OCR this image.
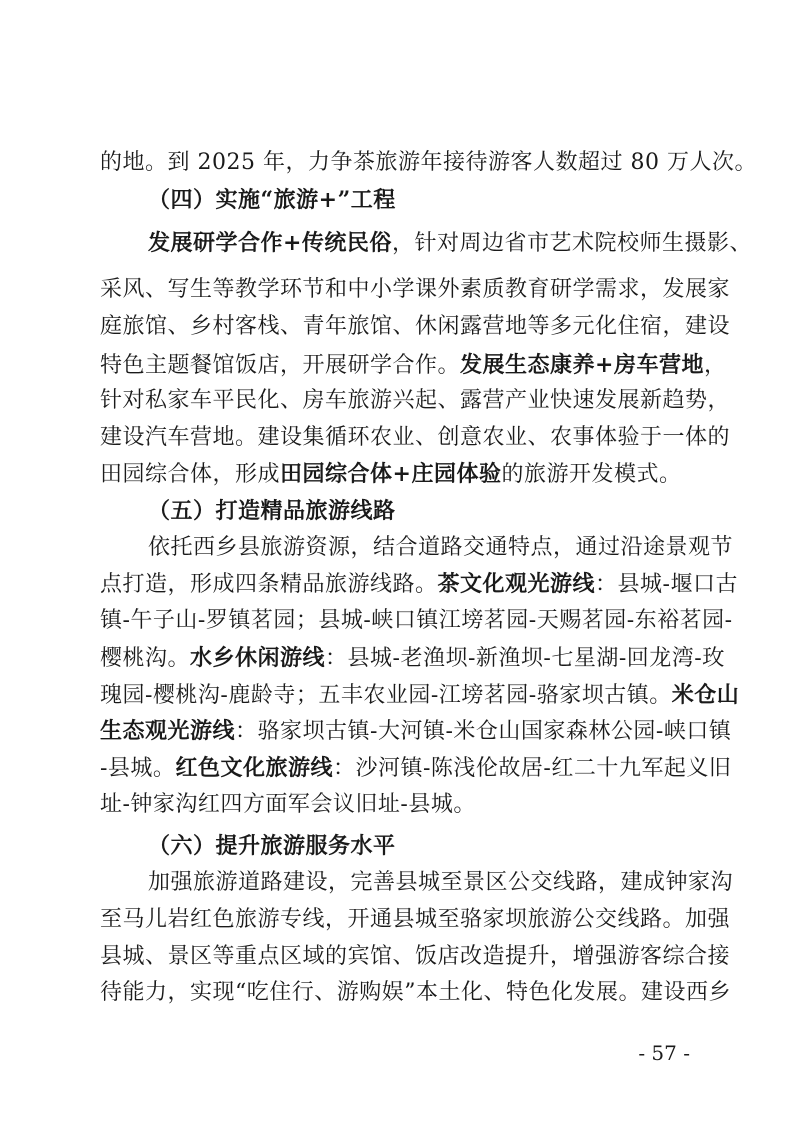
的地。到 2025 年，力争茶旅游年接待游客人数超过 80 万人次。
（四）实施“旅游+”工程
发展研学合作+传统民俗，针对周边省市艺术院校师生摄影、
采风、写生等教学环节和中小学课外素质教育研学需求，发展家
庭旅馆、乡村客栈、青年旅馆、休闲露营地等多元化住宿，建设
特色主题餐馆饭店，开展研学合作。发展生态康养+房车营地，
针对私家车平民化、房车旅游兴起、露营产业快速发展新趋势，
建设汽车营地。建设集循环农业、创意农业、农事体验于一体的
田园综合体，形成田园综合体+庄园体验的旅游开发模式。
（五）打造精品旅游线路
依托西乡县旅游资源，结合道路交通特点，通过沿途景观节
点打造，形成四条精品旅游线路。茶文化观光游线：县城-堰口古
镇-午子山-罗镇茗园；县城-峡口镇江塝茗园-天赐茗园-东裕茗园-
樱桃沟。水乡休闲游线：县城-老渔坝-新渔坝-七星湖-回龙湾-玫
瑰园-樱桃沟-鹿龄寺；五丰农业园-江塝茗园-骆家坝古镇。米仓山
生态观光游线：骆家坝古镇-大河镇-米仓山国家森林公园-峡口镇
-县城。红色文化旅游线：沙河镇-陈浅伦故居-红二十九军起义旧
址-钟家沟红四方面军会议旧址-县城。
（六）提升旅游服务水平
加强旅游道路建设，完善县城至景区公交线路，建成钟家沟
至马儿岩红色旅游专线，开通县城至骆家坝旅游公交线路。加强
县城、景区等重点区域的宾馆、饭店改造提升，增强游客综合接
待能力，实现“吃住行、游购娱”本土化、特色化发展。建设西乡
- 57 -
